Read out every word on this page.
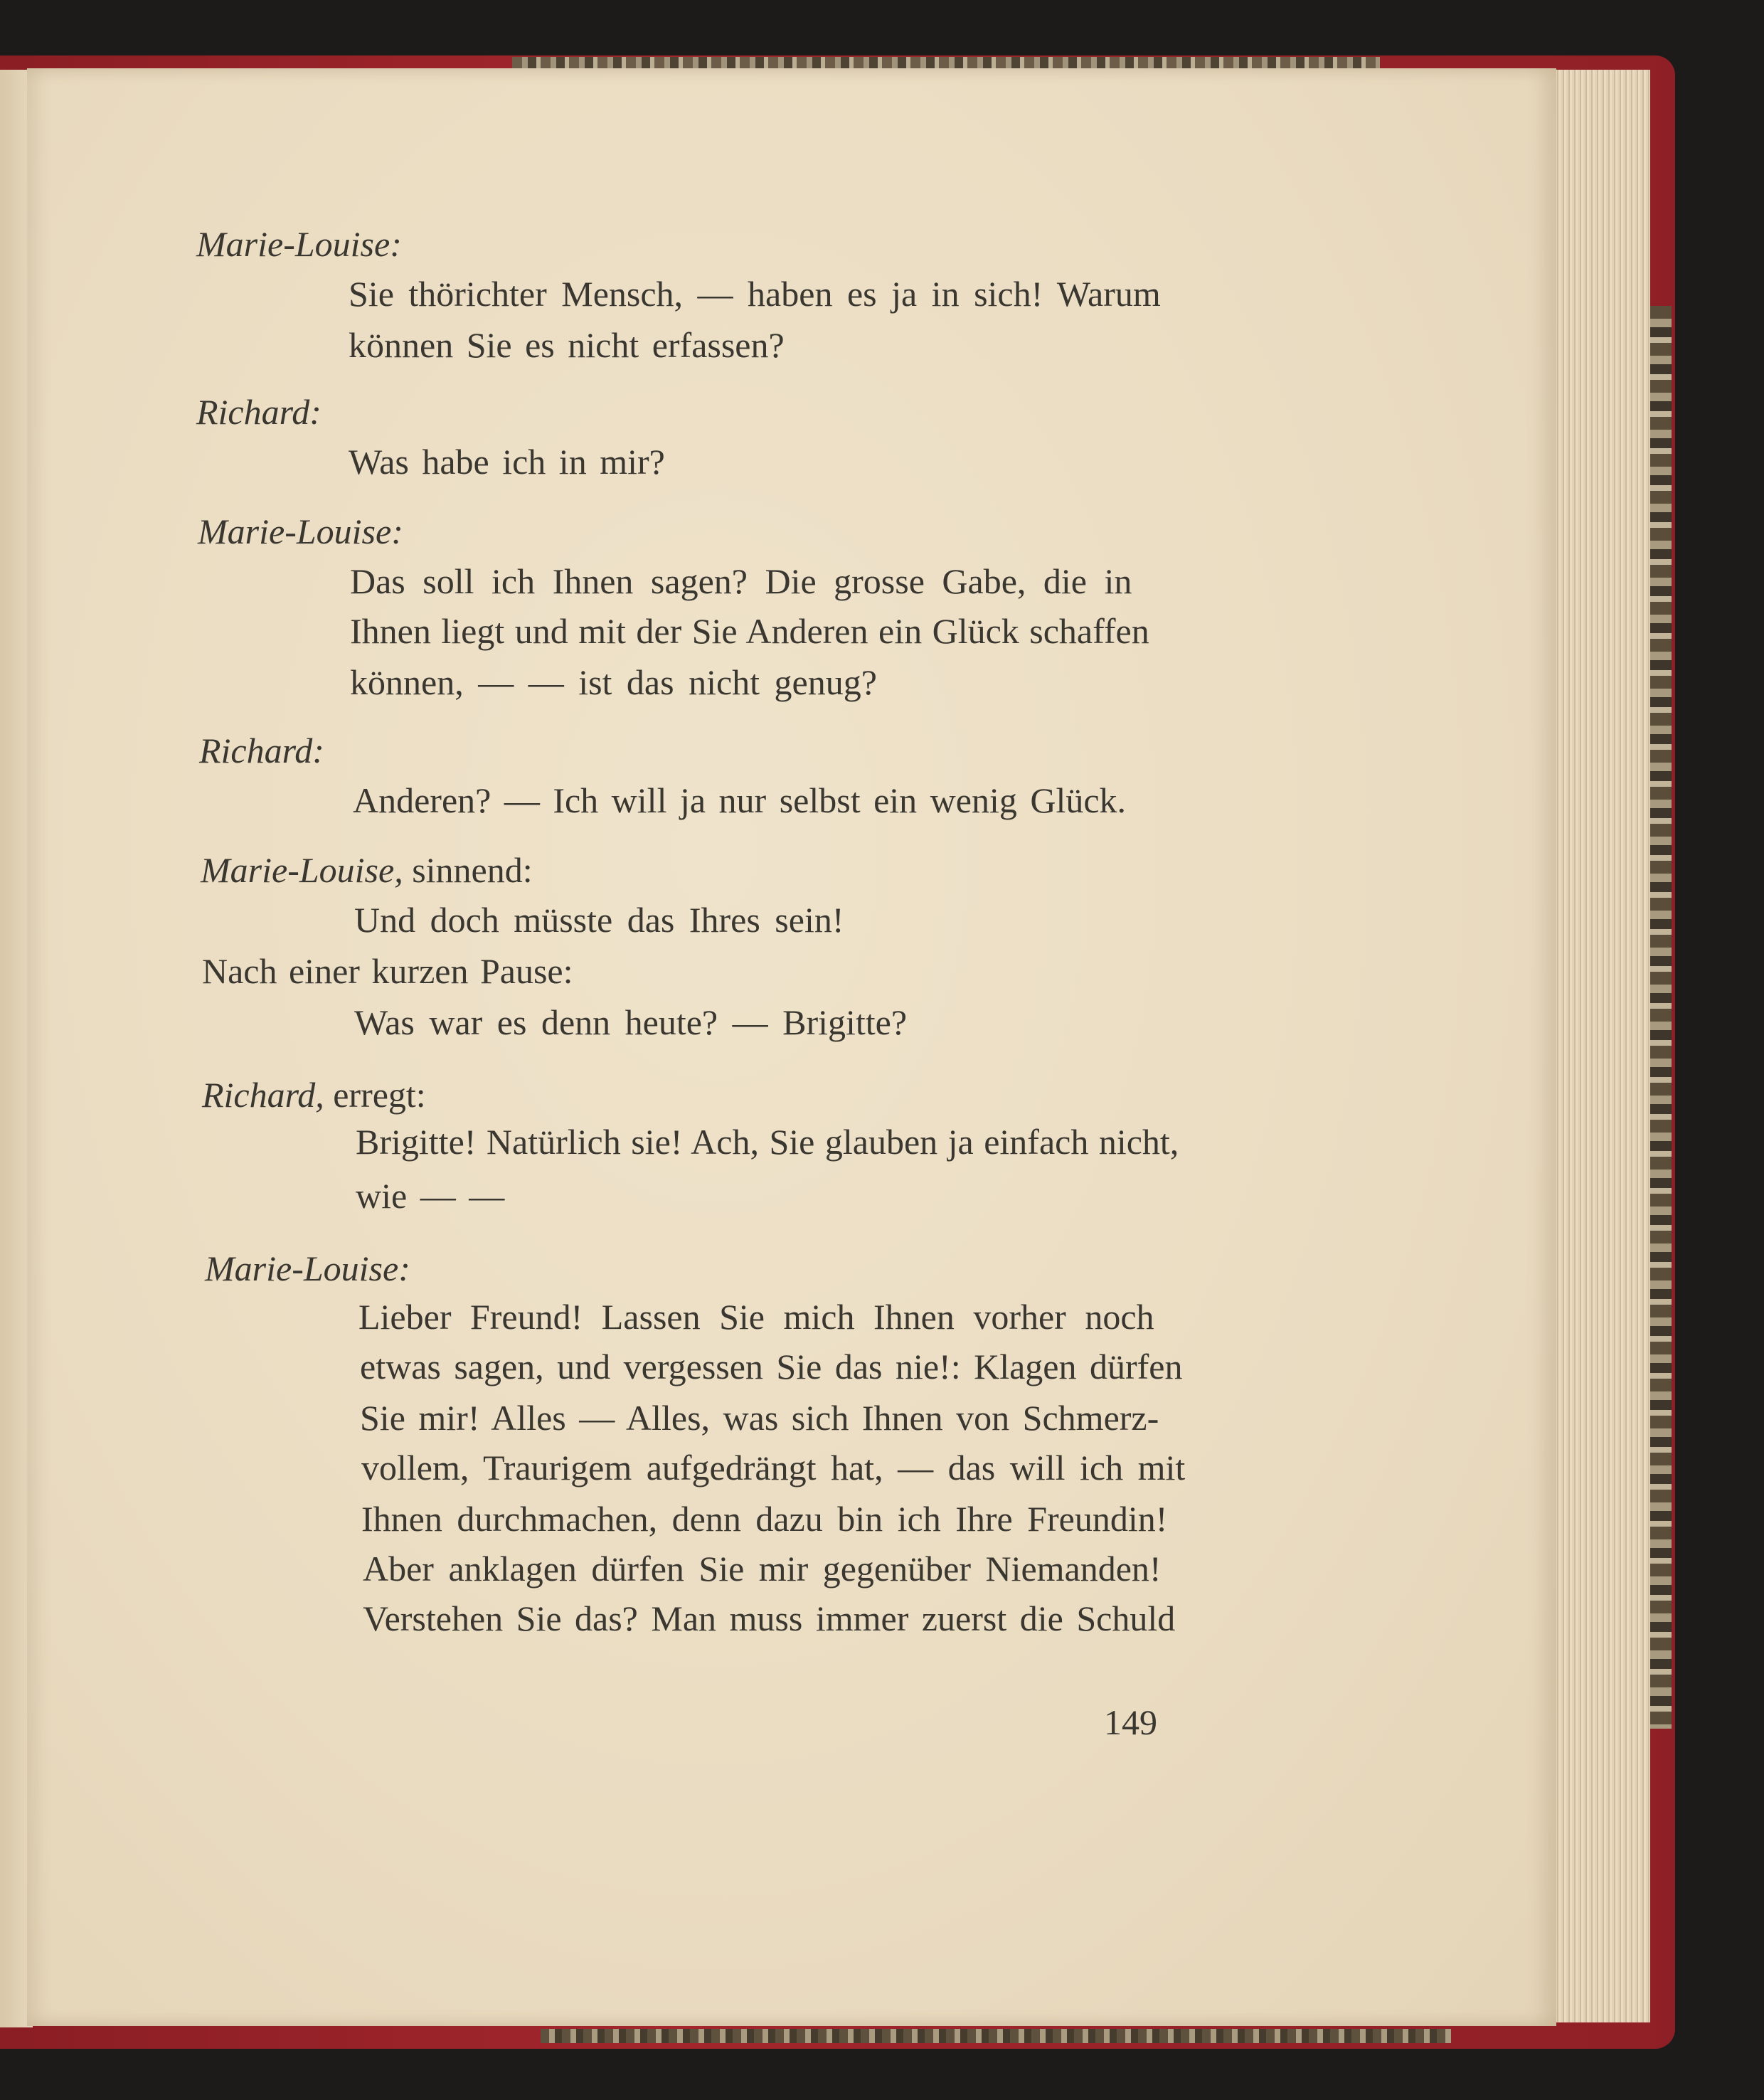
Marie-Louise:
Sie thörichter Mensch, — haben es ja in sich! Warum
können Sie es nicht erfassen?
Richard:
Was habe ich in mir?
Marie-Louise:
Das soll ich Ihnen sagen? Die grosse Gabe, die in
Ihnen liegt und mit der Sie Anderen ein Glück schaffen
können, — — ist das nicht genug?
Richard:
Anderen? — Ich will ja nur selbst ein wenig Glück.
Marie-Louise, sinnend:
Und doch müsste das Ihres sein!
Nach einer kurzen Pause:
Was war es denn heute? — Brigitte?
Richard, erregt:
Brigitte! Natürlich sie! Ach, Sie glauben ja einfach nicht,
wie — —
Marie-Louise:
Lieber Freund! Lassen Sie mich Ihnen vorher noch
etwas sagen, und vergessen Sie das nie!: Klagen dürfen
Sie mir! Alles — Alles, was sich Ihnen von Schmerz-
vollem, Traurigem aufgedrängt hat, — das will ich mit
Ihnen durchmachen, denn dazu bin ich Ihre Freundin!
Aber anklagen dürfen Sie mir gegenüber Niemanden!
Verstehen Sie das? Man muss immer zuerst die Schuld
149
